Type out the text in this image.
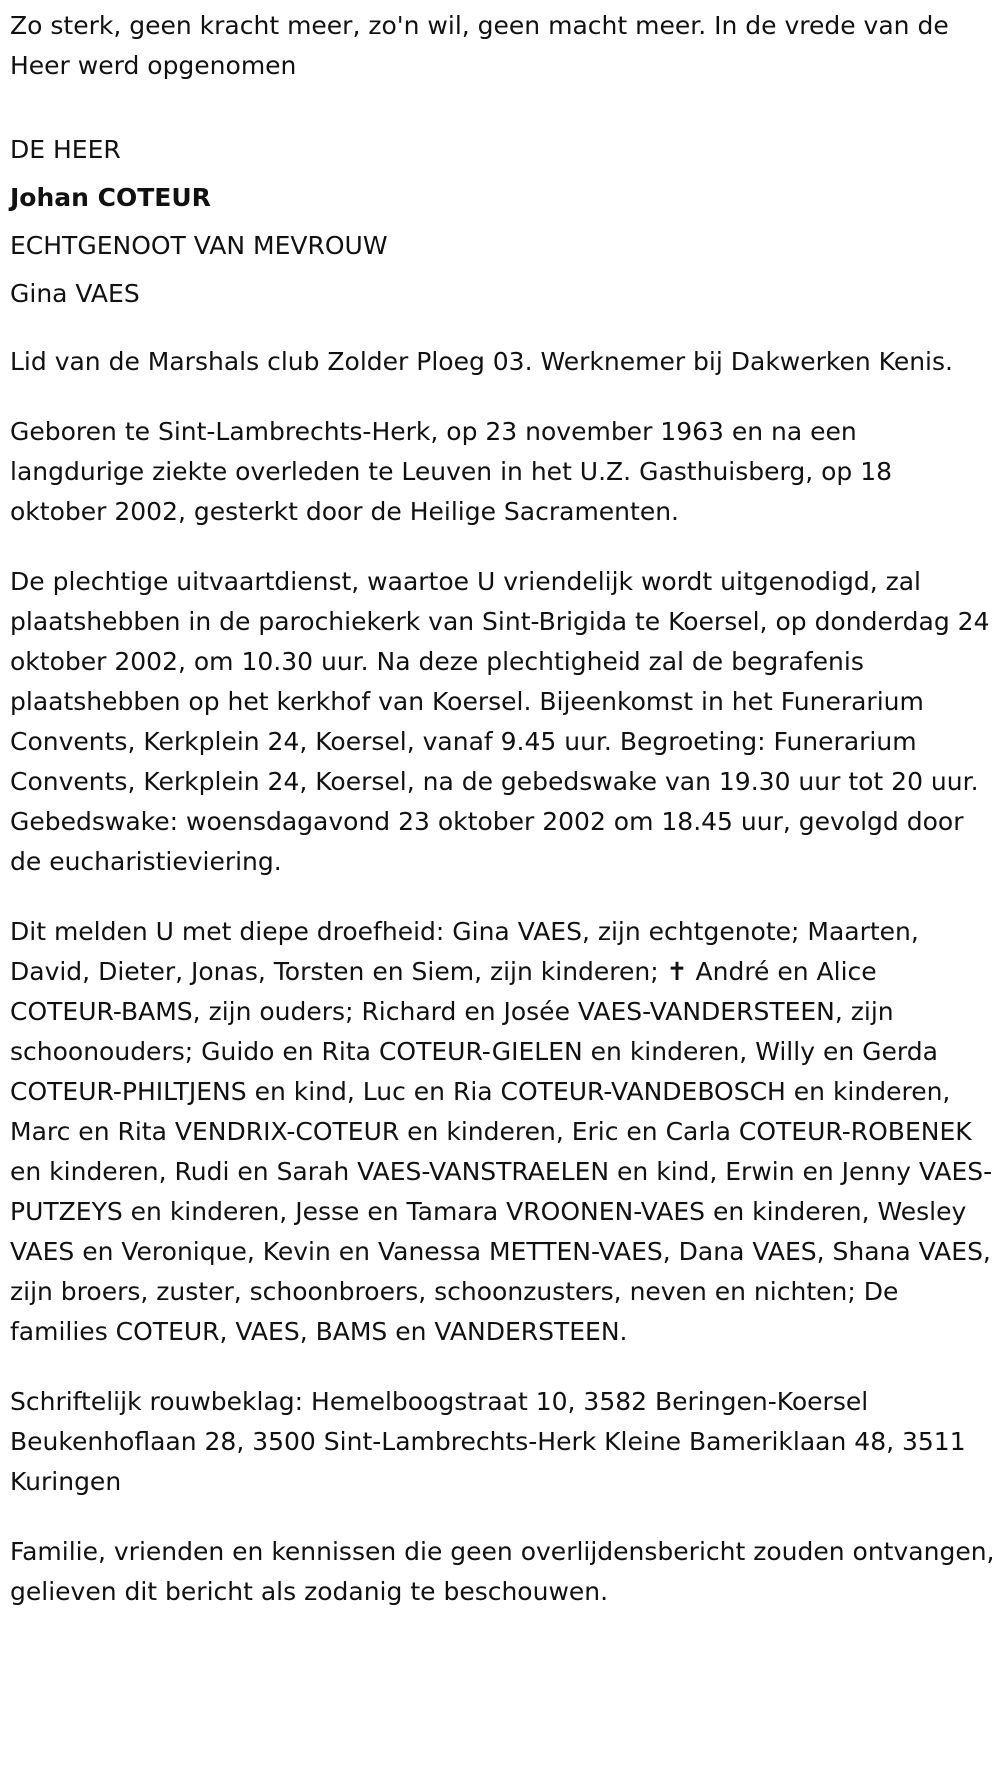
Zo sterk, geen kracht meer, zo'n wil, geen macht meer. In de vrede van de Heer werd opgenomen

DE HEER

Johan COTEUR

ECHTGENOOT VAN MEVROUW

Gina VAES

Lid van de Marshals club Zolder Ploeg 03. Werknemer bij Dakwerken Kenis.

Geboren te Sint-Lambrechts-Herk, op 23 november 1963 en na een langdurige ziekte overleden te Leuven in het U.Z. Gasthuisberg, op 18 oktober 2002, gesterkt door de Heilige Sacramenten.

De plechtige uitvaartdienst, waartoe U vriendelijk wordt uitgenodigd, zal plaatshebben in de parochiekerk van Sint-Brigida te Koersel, op donderdag 24 oktober 2002, om 10.30 uur. Na deze plechtigheid zal de begrafenis plaatshebben op het kerkhof van Koersel. Bijeenkomst in het Funerarium Convents, Kerkplein 24, Koersel, vanaf 9.45 uur. Begroeting: Funerarium Convents, Kerkplein 24, Koersel, na de gebedswake van 19.30 uur tot 20 uur. Gebedswake: woensdagavond 23 oktober 2002 om 18.45 uur, gevolgd door de eucharistieviering.

Dit melden U met diepe droefheid: Gina VAES, zijn echtgenote; Maarten, David, Dieter, Jonas, Torsten en Siem, zijn kinderen; ✝ André en Alice COTEUR-BAMS, zijn ouders; Richard en Josée VAES-VANDERSTEEN, zijn schoonouders; Guido en Rita COTEUR-GIELEN en kinderen, Willy en Gerda COTEUR-PHILTJENS en kind, Luc en Ria COTEUR-VANDEBOSCH en kinderen, Marc en Rita VENDRIX-COTEUR en kinderen, Eric en Carla COTEUR-ROBENEK en kinderen, Rudi en Sarah VAES-VANSTRAELEN en kind, Erwin en Jenny VAES-PUTZEYS en kinderen, Jesse en Tamara VROONEN-VAES en kinderen, Wesley VAES en Veronique, Kevin en Vanessa METTEN-VAES, Dana VAES, Shana VAES, zijn broers, zuster, schoonbroers, schoonzusters, neven en nichten; De families COTEUR, VAES, BAMS en VANDERSTEEN.

Schriftelijk rouwbeklag: Hemelboogstraat 10, 3582 Beringen-Koersel Beukenhoflaan 28, 3500 Sint-Lambrechts-Herk Kleine Bameriklaan 48, 3511 Kuringen

Familie, vrienden en kennissen die geen overlijdensbericht zouden ontvangen, gelieven dit bericht als zodanig te beschouwen.
